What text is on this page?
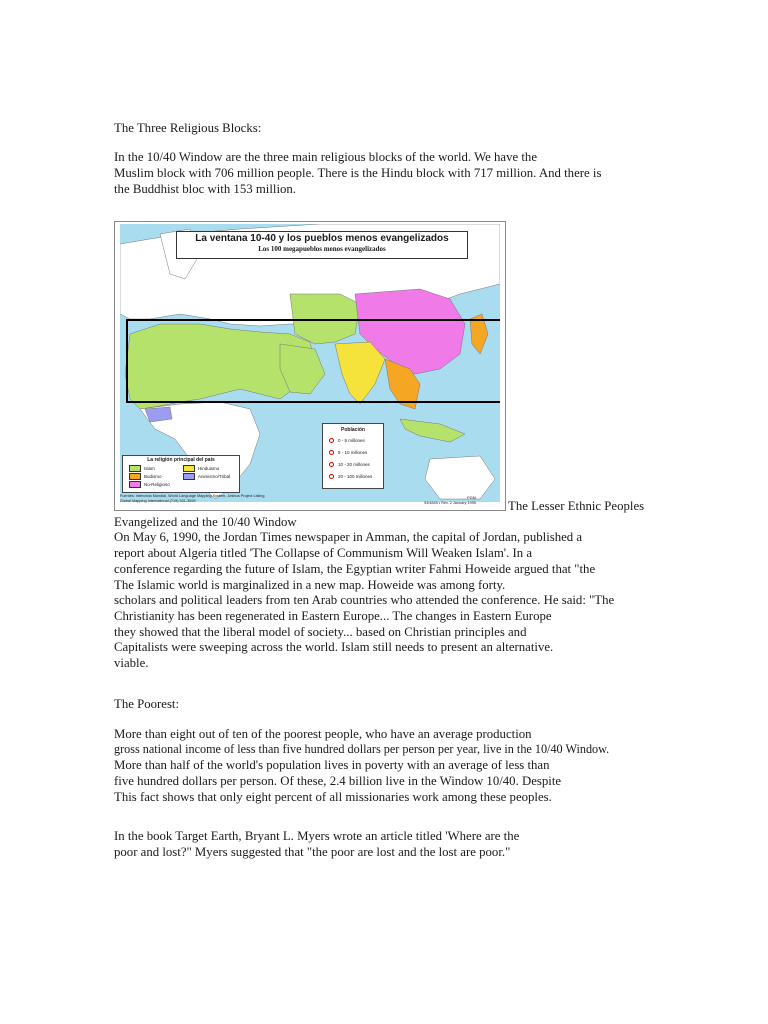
The Three Religious Blocks:
In the 10/40 Window are the three main religious blocks of the world. We have the
Muslim block with 706 million people. There is the Hindu block with 717 million. And there is
the Buddhist bloc with 153 million.
La ventana 10-40 y los pueblos menos evangelizados
Los 100 megapueblos menos evangelizados
La religión principal del país
Islam	Hinduismo
Budismo	Animismo/Tribal
No-Religioso
Población
0 - 5 millones
5 - 10 millones
10 - 20 millones
20 - 100 millones
Fuentes: Interceda Mundial, World Language Mapping System, Joshua Project Listing
Global Mapping International (719) 531-3599
PGM
93/4845 • Rev. 2 January 1995	The Lesser Ethnic Peoples
Evangelized and the 10/40 Window
On May 6, 1990, the Jordan Times newspaper in Amman, the capital of Jordan, published a
report about Algeria titled 'The Collapse of Communism Will Weaken Islam'. In a
conference regarding the future of Islam, the Egyptian writer Fahmi Howeide argued that "the
The Islamic world is marginalized in a new map. Howeide was among forty.
scholars and political leaders from ten Arab countries who attended the conference. He said: "The
Christianity has been regenerated in Eastern Europe... The changes in Eastern Europe
they showed that the liberal model of society... based on Christian principles and
Capitalists were sweeping across the world. Islam still needs to present an alternative.
viable.
The Poorest:
More than eight out of ten of the poorest people, who have an average production
gross national income of less than five hundred dollars per person per year, live in the 10/40 Window.
More than half of the world's population lives in poverty with an average of less than
five hundred dollars per person. Of these, 2.4 billion live in the Window 10/40. Despite
This fact shows that only eight percent of all missionaries work among these peoples.
In the book Target Earth, Bryant L. Myers wrote an article titled 'Where are the
poor and lost?" Myers suggested that "the poor are lost and the lost are poor."
